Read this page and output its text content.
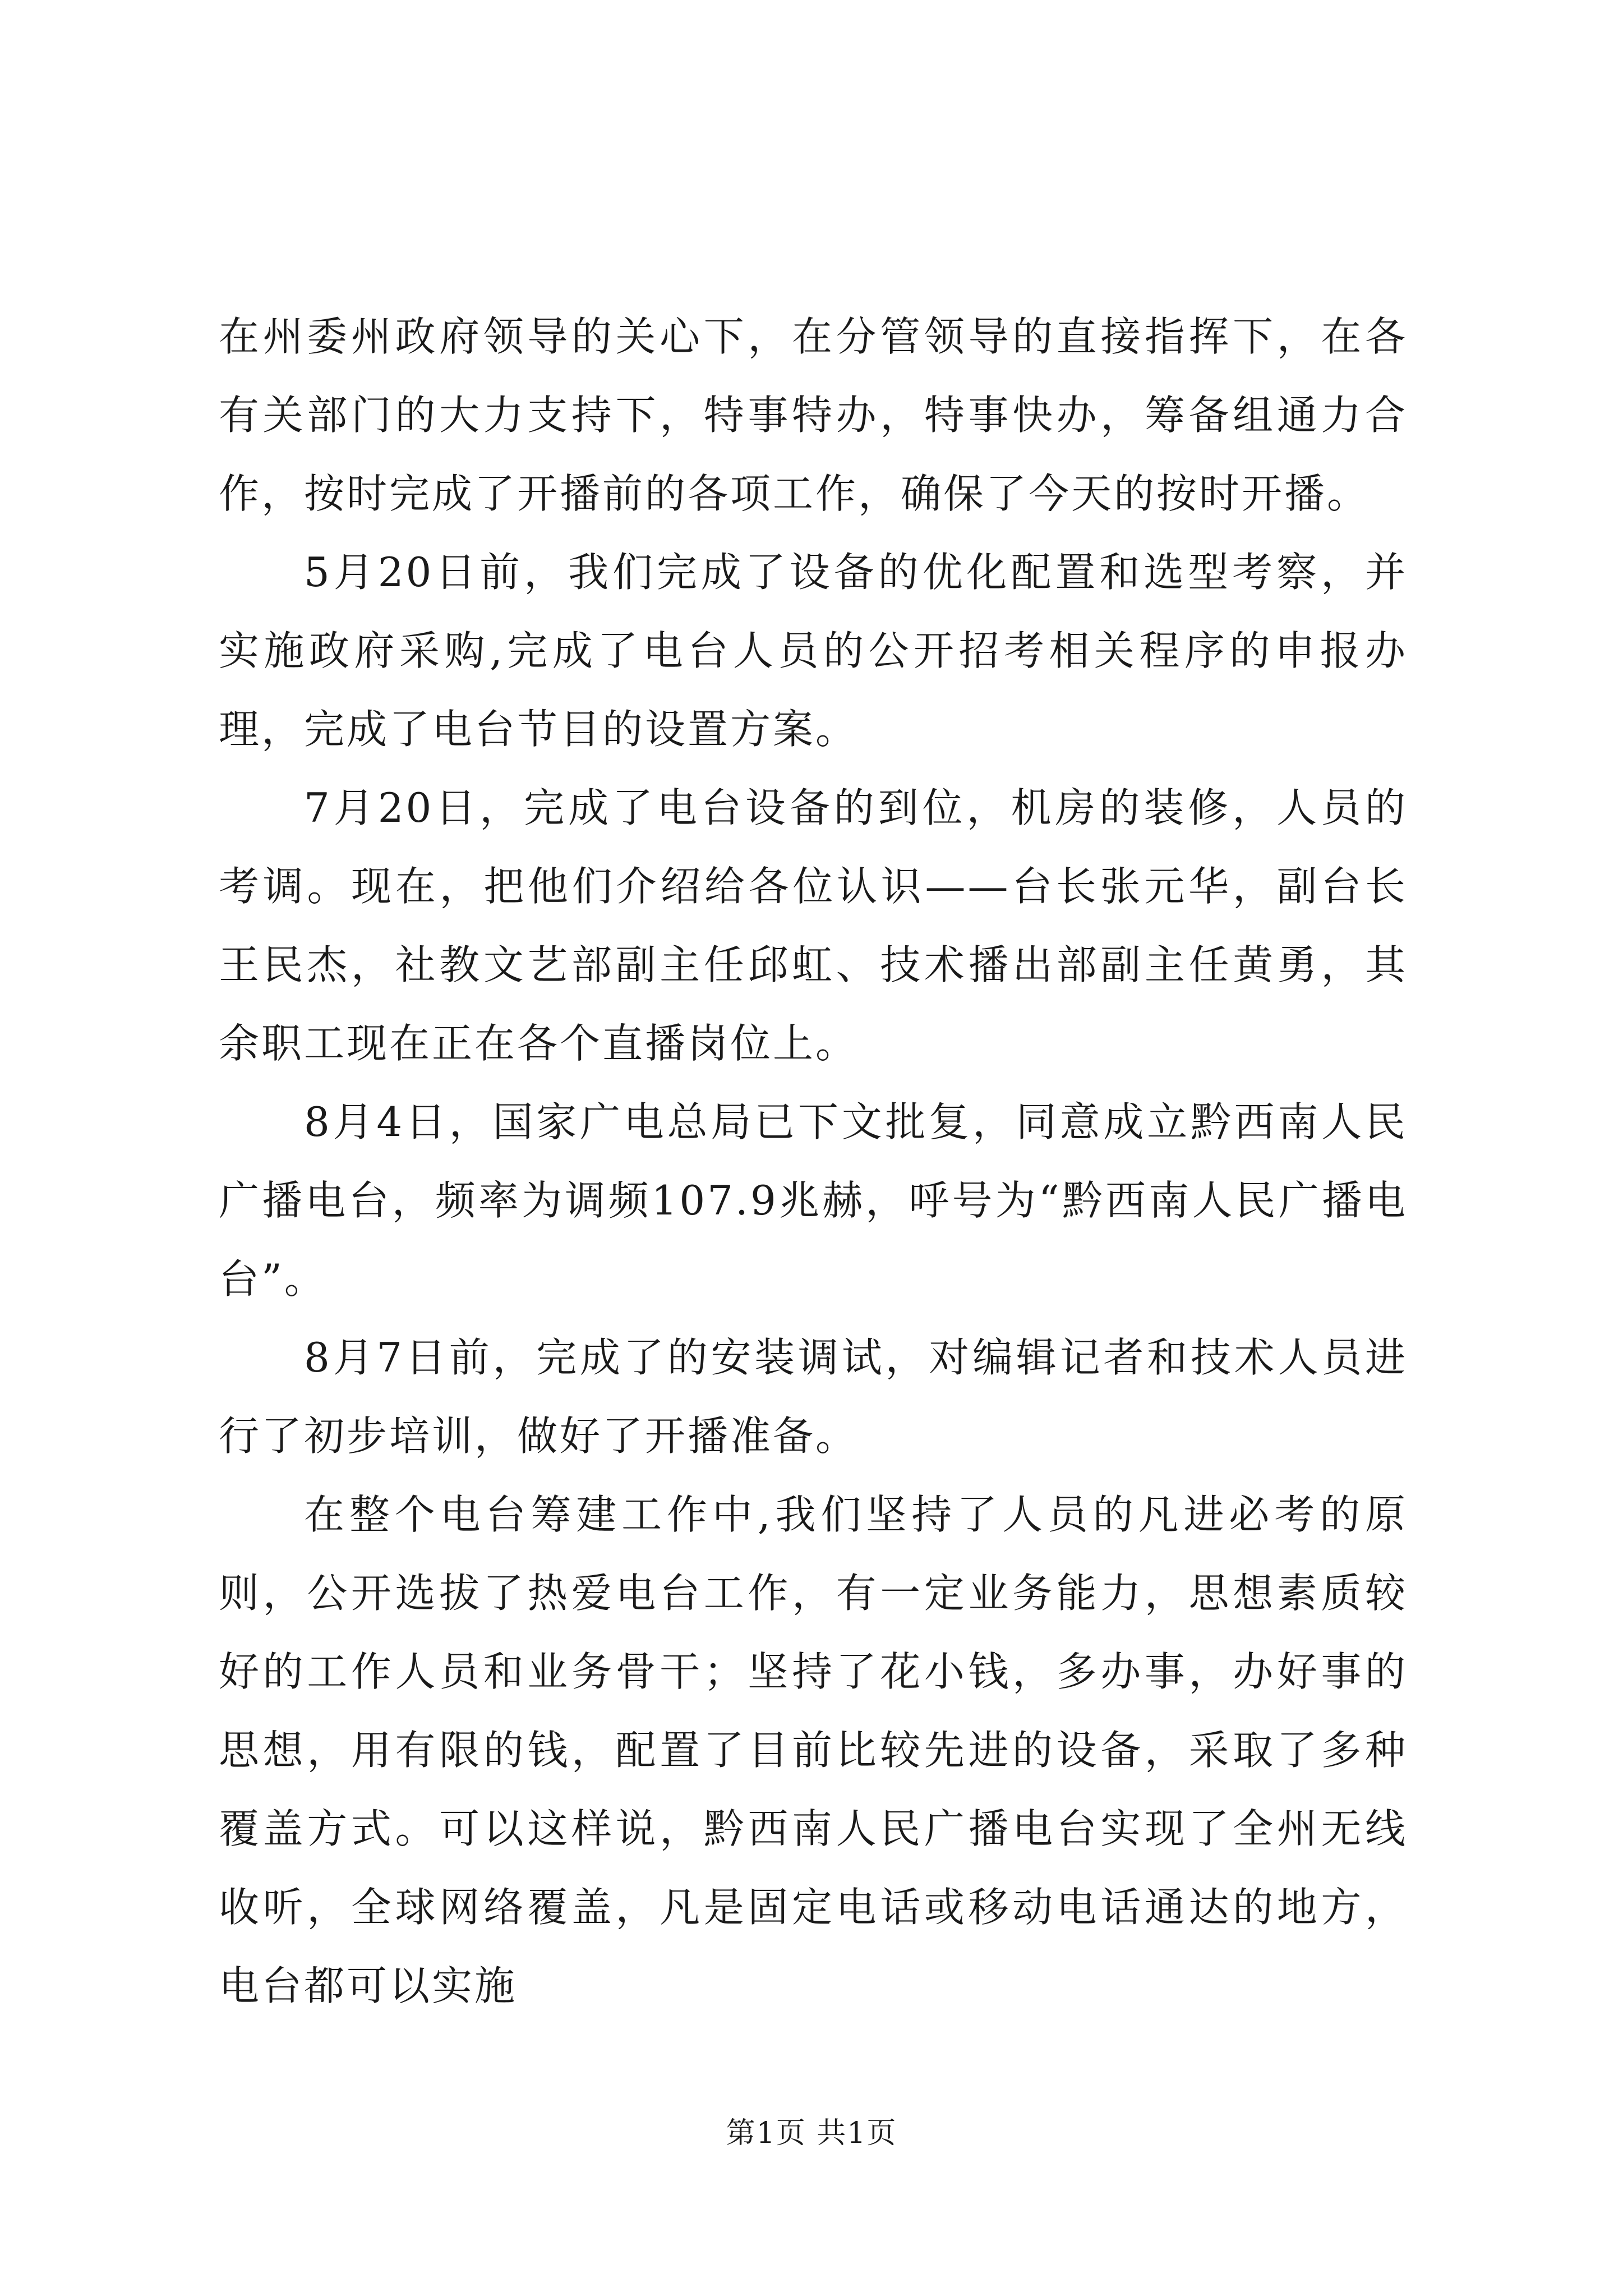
在州委州政府领导的关心下，在分管领导的直接指挥下，在各有关部门的大力支持下，特事特办，特事快办，筹备组通力合作，按时完成了开播前的各项工作，确保了今天的按时开播。

5月20日前，我们完成了设备的优化配置和选型考察，并实施政府采购,完成了电台人员的公开招考相关程序的申报办理，完成了电台节目的设置方案。

7月20日，完成了电台设备的到位，机房的装修，人员的考调。现在，把他们介绍给各位认识——台长张元华，副台长王民杰，社教文艺部副主任邱虹、技术播出部副主任黄勇，其余职工现在正在各个直播岗位上。

8月4日，国家广电总局已下文批复，同意成立黔西南人民广播电台，频率为调频107.9兆赫，呼号为“黔西南人民广播电台”。

8月7日前，完成了的安装调试，对编辑记者和技术人员进行了初步培训，做好了开播准备。

在整个电台筹建工作中,我们坚持了人员的凡进必考的原则，公开选拔了热爱电台工作，有一定业务能力，思想素质较好的工作人员和业务骨干；坚持了花小钱，多办事，办好事的思想，用有限的钱，配置了目前比较先进的设备，采取了多种覆盖方式。可以这样说，黔西南人民广播电台实现了全州无线收听，全球网络覆盖，凡是固定电话或移动电话通达的地方，电台都可以实施

第1页 共1页
